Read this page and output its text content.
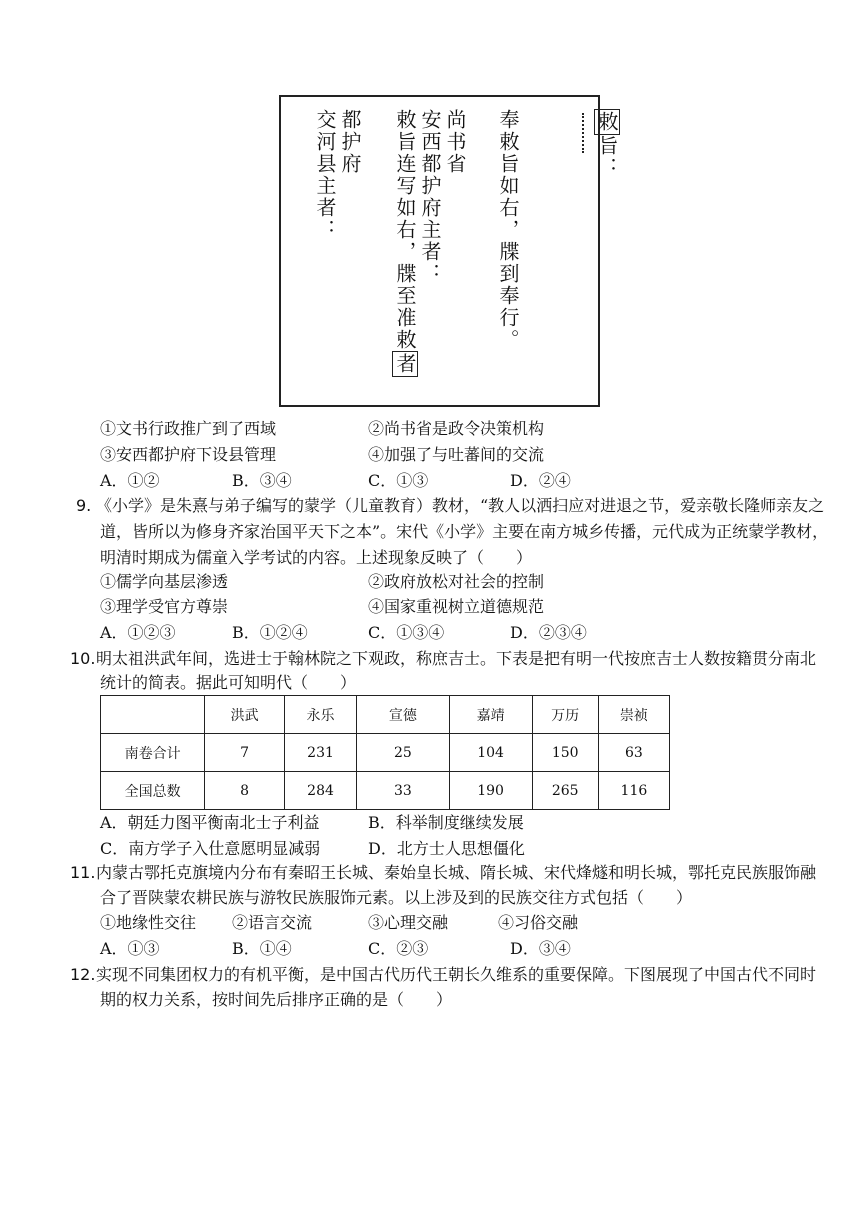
敕旨：

奉敕旨如右，牒到奉行。
尚书省
安西都护府主者：
敕旨连写如右，牒至准敕者
都护府
交河县主者：
①文书行政推广到了西域	②尚书省是政令决策机构
③安西都护府下设县管理	④加强了与吐蕃间的交流
A．①②	B．③④	C．①③	D．②④
9. 《小学》是朱熹与弟子编写的蒙学（儿童教育）教材，“教人以洒扫应对进退之节，爱亲敬长隆师亲友之
道，皆所以为修身齐家治国平天下之本”。宋代《小学》主要在南方城乡传播，元代成为正统蒙学教材，
明清时期成为儒童入学考试的内容。上述现象反映了（　　）
①儒学向基层渗透	②政府放松对社会的控制
③理学受官方尊崇	④国家重视树立道德规范
A．①②③	B．①②④	C．①③④	D．②③④
10. 明太祖洪武年间，选进士于翰林院之下观政，称庶吉士。下表是把有明一代按庶吉士人数按籍贯分南北
统计的简表。据此可知明代（　　）
	洪武	永乐	宣德	嘉靖	万历	崇祯
南卷合计	7	231	25	104	150	63
全国总数	8	284	33	190	265	116
A．朝廷力图平衡南北士子利益	B．科举制度继续发展
C．南方学子入仕意愿明显减弱	D．北方士人思想僵化
11. 内蒙古鄂托克旗境内分布有秦昭王长城、秦始皇长城、隋长城、宋代烽燧和明长城，鄂托克民族服饰融
合了晋陕蒙农耕民族与游牧民族服饰元素。以上涉及到的民族交往方式包括（　　）
①地缘性交往 ②语言交流	③心理交融	④习俗交融
A．①③	B．①④	C．②③	D．③④
12. 实现不同集团权力的有机平衡，是中国古代历代王朝长久维系的重要保障。下图展现了中国古代不同时
期的权力关系，按时间先后排序正确的是（　　）
